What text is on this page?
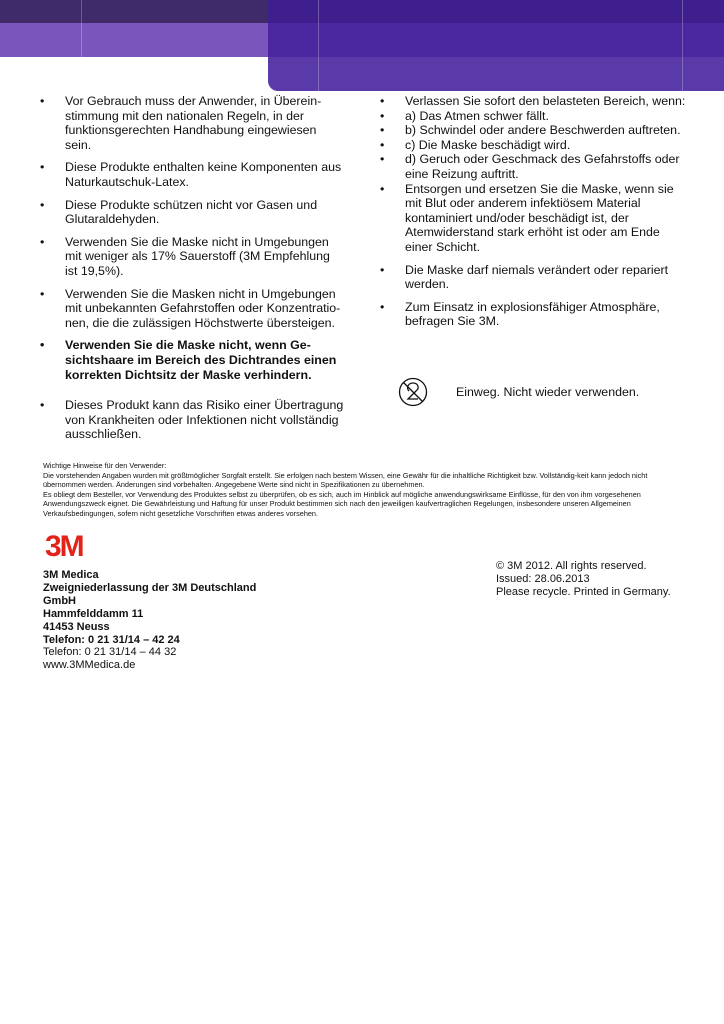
• Vor Gebrauch muss der Anwender, in Überein-stimmung mit den nationalen Regeln, in der funktionsgerechten Handhabung eingewiesen sein.
• Diese Produkte enthalten keine Komponenten aus Naturkautschuk-Latex.
• Diese Produkte schützen nicht vor Gasen und Glutaraldehyden.
• Verwenden Sie die Maske nicht in Umgebungen mit weniger als 17% Sauerstoff (3M Empfehlung ist 19,5%).
• Verwenden Sie die Masken nicht in Umgebungen mit unbekannten Gefahrstoffen oder Konzentratio-nen, die die zulässigen Höchstwerte übersteigen.
• Verwenden Sie die Maske nicht, wenn Ge-sichtshaare im Bereich des Dichtrandes einen korrekten Dichtsitz der Maske verhindern.
• Dieses Produkt kann das Risiko einer Übertragung von Krankheiten oder Infektionen nicht vollständig ausschließen.
• Verlassen Sie sofort den belasteten Bereich, wenn:
• a) Das Atmen schwer fällt.
• b) Schwindel oder andere Beschwerden auftreten.
• c) Die Maske beschädigt wird.
• d) Geruch oder Geschmack des Gefahrstoffs oder eine Reizung auftritt.
• Entsorgen und ersetzen Sie die Maske, wenn sie mit Blut oder anderem infektiösem Material kontaminiert und/oder beschädigt ist, der Atemwiderstand stark erhöht ist oder am Ende einer Schicht.
• Die Maske darf niemals verändert oder repariert werden.
• Zum Einsatz in explosionsfähiger Atmosphäre, befragen Sie 3M.
Einweg. Nicht wieder verwenden.
Wichtige Hinweise für den Verwender:
Die vorstehenden Angaben wurden mit größtmöglicher Sorgfalt erstellt. Sie erfolgen nach bestem Wissen, eine Gewähr für die inhaltliche Richtigkeit bzw. Vollständig-keit kann jedoch nicht übernommen werden. Änderungen sind vorbehalten. Angegebene Werte sind nicht in Spezifikationen zu übernehmen.
Es obliegt dem Besteller, vor Verwendung des Produktes selbst zu überprüfen, ob es sich, auch im Hinblick auf mögliche anwendungswirksame Einflüsse, für den von ihm vorgesehenen Anwendungszweck eignet. Die Gewährleistung und Haftung für unser Produkt bestimmen sich nach den jeweiligen kaufvertraglichen Regelungen, insbesondere unseren Allgemeinen Verkaufsbedingungen, sofern nicht gesetzliche Vorschriften etwas anderes vorsehen.
3M
3M Medica
Zweigniederlassung der 3M Deutschland GmbH
Hammfelddamm 11
41453 Neuss
Telefon: 0 21 31/14 – 42 24
Telefon: 0 21 31/14 – 44 32
www.3MMedica.de
© 3M 2012. All rights reserved.
Issued: 28.06.2013
Please recycle. Printed in Germany.
